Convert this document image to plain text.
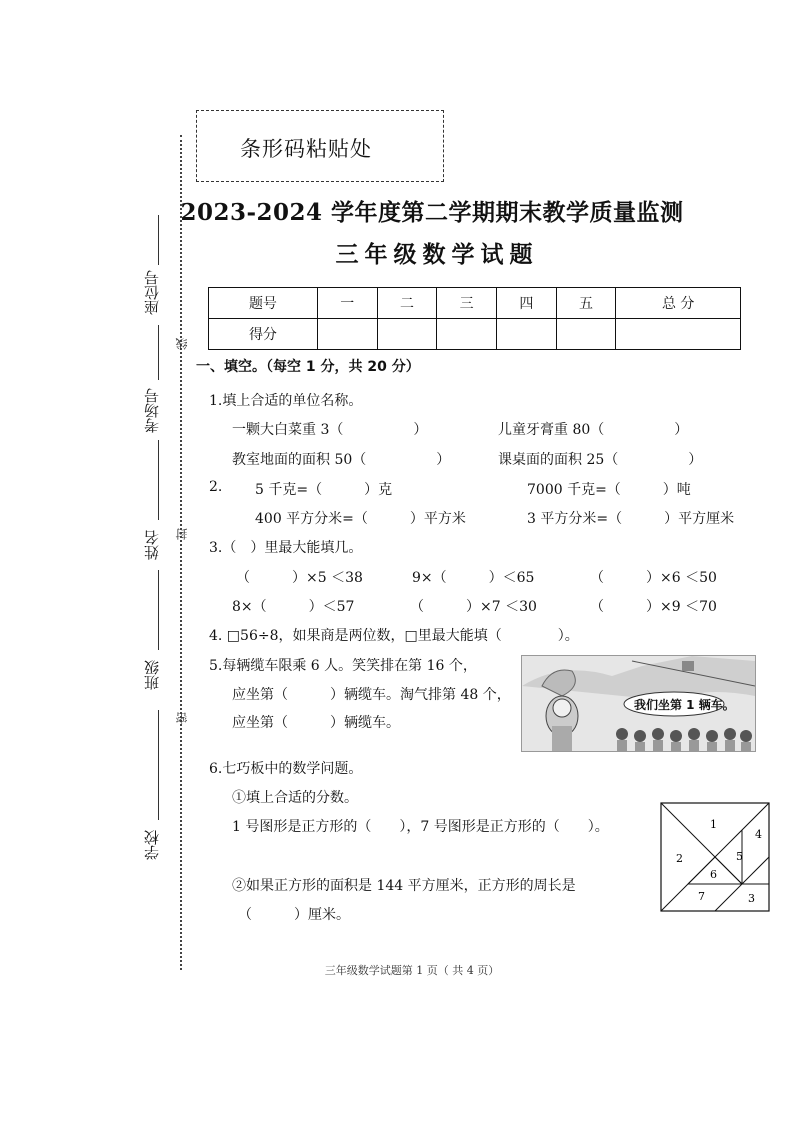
条形码粘贴处
2023-2024 学年度第二学期期末教学质量监测
三年级数学试题
座位号
考场号
姓名
班级
学校
线
封
密
题号	一	二	三	四	五	总 分
得分						
一、填空。（每空 1 分，共 20 分）
1.填上合适的单位名称。
一颗大白菜重 3（　　　　　）	儿童牙膏重 80（　　　　　）
教室地面的面积 50（　　　　　）	课桌面的面积 25（　　　　　）
2. 5 千克=（　　　）克	7000 千克=（　　　）吨
400 平方分米=（　　　）平方米	3 平方分米=（　　　）平方厘米
3.（　）里最大能填几。
（　　　）×5 ＜38	9×（　　　）＜65	（　　　）×6 ＜50
8×（　　　）＜57	（　　　）×7 ＜30	（　　　）×9 ＜70
4. □56÷8，如果商是两位数，□里最大能填（　　　　）。
5.每辆缆车限乘 6 人。笑笑排在第 16 个，
应坐第（　　　）辆缆车。淘气排第 48 个，
应坐第（　　　）辆缆车。
我们坐第 1 辆车。
6.七巧板中的数学问题。
①填上合适的分数。
1 号图形是正方形的（　　），7 号图形是正方形的（　　）。
②如果正方形的面积是 144 平方厘米，正方形的周长是
（　　　）厘米。
1
2
3
4
5
6
7
三年级数学试题第 1 页（ 共 4 页）
